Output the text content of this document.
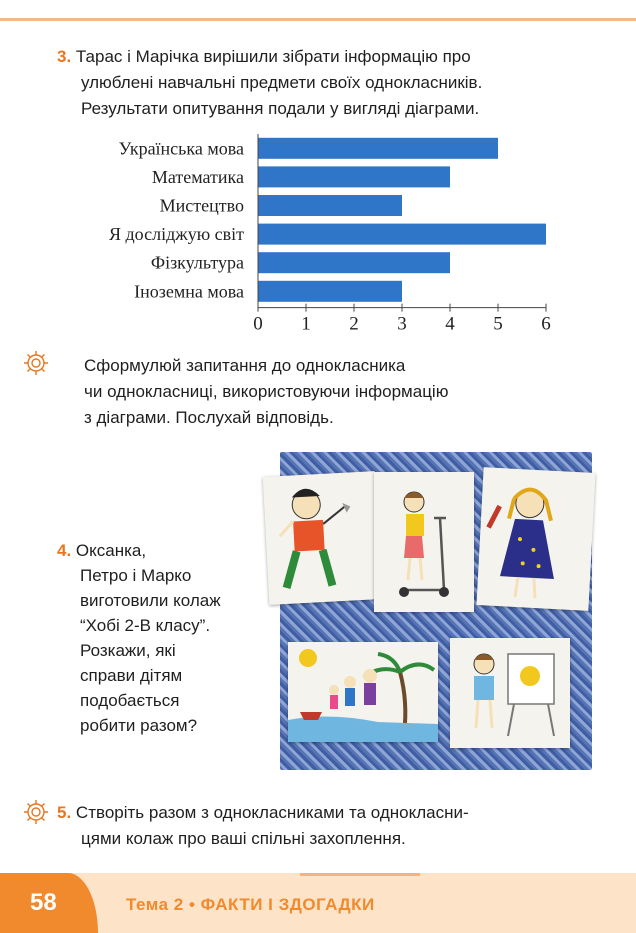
3. Тарас і Марічка вирішили зібрати інформацію про
улюблені навчальні предмети своїх однокласників.
Результати опитування подали у вигляді діаграми.
Українська мова
Математика
Мистецтво
Я досліджую світ
Фізкультура
Іноземна мова
0 1 2 3 4 5 6
Сформулюй запитання до однокласника
чи однокласниці, використовуючи інформацію
з діаграми. Послухай відповідь.
4. Оксанка,
Петро і Марко
виготовили колаж
“Хобі 2-В класу”.
Розкажи, які
справи дітям
подобається
робити разом?
5. Створіть разом з однокласниками та однокласни-
цями колаж про ваші спільні захоплення.
58	Тема 2 • ФАКТИ І ЗДОГАДКИ
